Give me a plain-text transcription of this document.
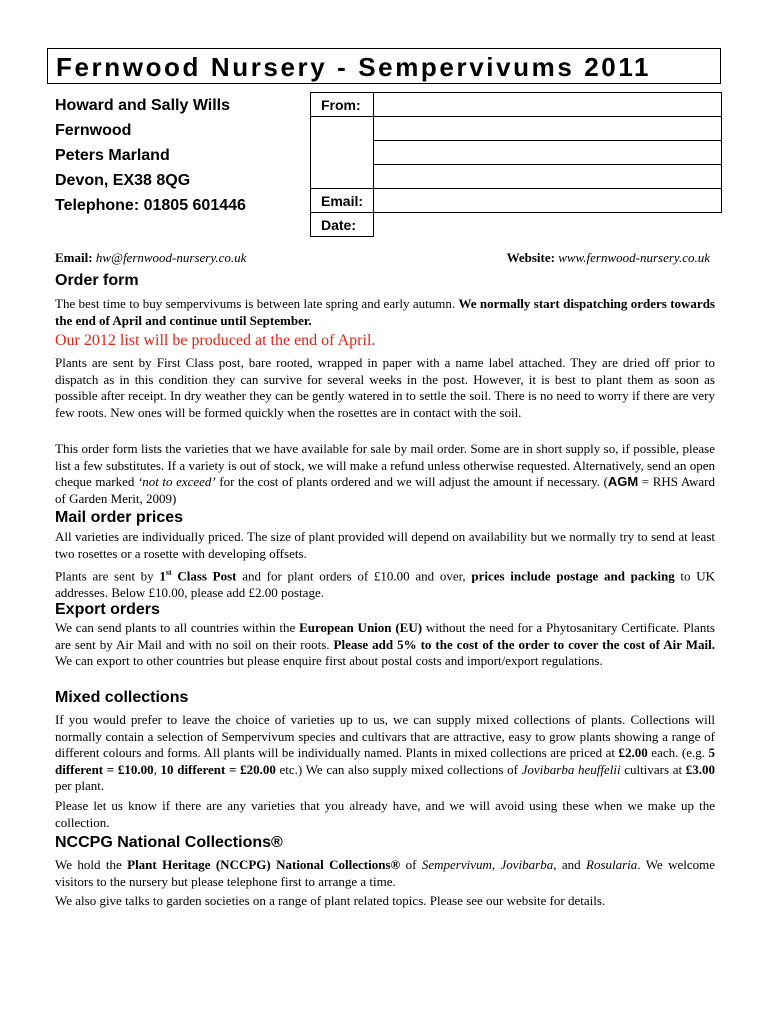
Fernwood Nursery - Sempervivums 2011
Howard and Sally Wills
Fernwood
Peters Marland
Devon, EX38 8QG
Telephone: 01805 601446
From:	

Email:	
Date:	
Email: hw@fernwood-nursery.co.uk	Website: www.fernwood-nursery.co.uk
Order form
The best time to buy sempervivums is between late spring and early autumn. We normally start dispatching orders towards the end of April and continue until September.
Our 2012 list will be produced at the end of April.
Plants are sent by First Class post, bare rooted, wrapped in paper with a name label attached. They are dried off prior to dispatch as in this condition they can survive for several weeks in the post. However, it is best to plant them as soon as possible after receipt. In dry weather they can be gently watered in to settle the soil. There is no need to worry if there are very few roots. New ones will be formed quickly when the rosettes are in contact with the soil.
This order form lists the varieties that we have available for sale by mail order. Some are in short supply so, if possible, please list a few substitutes. If a variety is out of stock, we will make a refund unless otherwise requested. Alternatively, send an open cheque marked ‘not to exceed’ for the cost of plants ordered and we will adjust the amount if necessary. (AGM = RHS Award of Garden Merit, 2009)
Mail order prices
All varieties are individually priced. The size of plant provided will depend on availability but we normally try to send at least two rosettes or a rosette with developing offsets.
Plants are sent by 1st Class Post and for plant orders of £10.00 and over, prices include postage and packing to UK addresses. Below £10.00, please add £2.00 postage.
Export orders
We can send plants to all countries within the European Union (EU) without the need for a Phytosanitary Certificate. Plants are sent by Air Mail and with no soil on their roots. Please add 5% to the cost of the order to cover the cost of Air Mail. We can export to other countries but please enquire first about postal costs and import/export regulations.
Mixed collections
If you would prefer to leave the choice of varieties up to us, we can supply mixed collections of plants. Collections will normally contain a selection of Sempervivum species and cultivars that are attractive, easy to grow plants showing a range of different colours and forms. All plants will be individually named. Plants in mixed collections are priced at £2.00 each. (e.g. 5 different = £10.00, 10 different = £20.00 etc.) We can also supply mixed collections of Jovibarba heuffelii cultivars at £3.00 per plant.
Please let us know if there are any varieties that you already have, and we will avoid using these when we make up the collection.
NCCPG National Collections®
We hold the Plant Heritage (NCCPG) National Collections® of Sempervivum, Jovibarba, and Rosularia. We welcome visitors to the nursery but please telephone first to arrange a time.
We also give talks to garden societies on a range of plant related topics. Please see our website for details.
